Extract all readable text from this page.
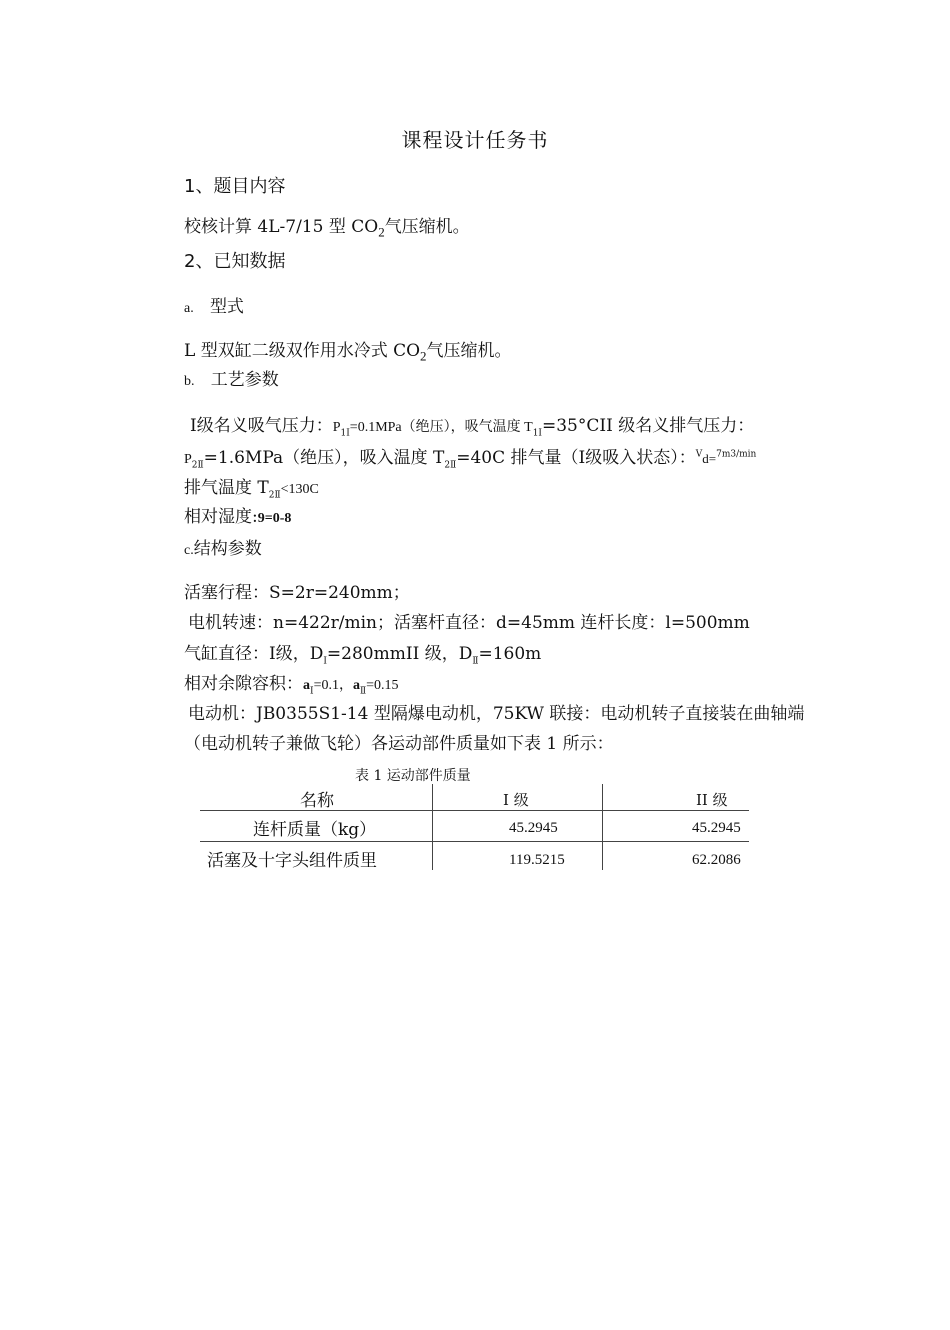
课程设计任务书
1、题目内容
校核计算 4L-7/15 型 $CO_2$气压缩机。
2、已知数据
a. 型式
L 型双缸二级双作用水冷式 $CO_2$气压缩机。
b. 工艺参数
Ⅰ级名义吸气压力：$P_{1Ⅰ}=0.1MPa$（绝压），吸气温度 $T_{1Ⅰ}=35^\circ CII$ 级名义排气压力：
$P_{2Ⅱ}=1.6MPa$（绝压），吸入温度 $T_{2Ⅱ}=40C$ 排气量（Ⅰ级吸入状态）：$^V$d=$^{7m3/min}$
排气温度 $T_{2Ⅱ}<130C$
相对湿度:9=0-8
c.结构参数
活塞行程：S=2r=240mm；
电机转速：n=422r/min；活塞杆直径：d=45mm 连杆长度：l=500mm
气缸直径：Ⅰ级，$D_Ⅰ=280mmII$ 级，$D_Ⅱ=160m$
相对余隙容积：$a_Ⅰ=0.1$，$a_Ⅱ=0.15$
电动机：JB0355S1-14 型隔爆电动机，75KW 联接：电动机转子直接装在曲轴端
（电动机转子兼做飞轮）各运动部件质量如下表 1 所示：
表 1 运动部件质量
名称	I 级	II 级
连杆质量（kg）	45.2945	45.2945
活塞及十字头组件质里	119.5215	62.2086
